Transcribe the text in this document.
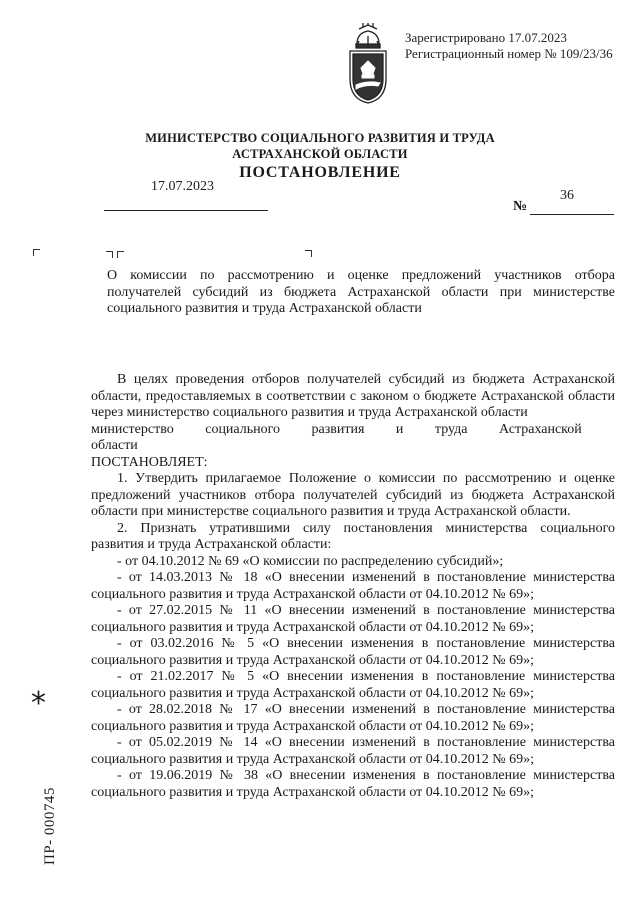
Зарегистрировано 17.07.2023
Регистрационный номер № 109/23/36
МИНИСТЕРСТВО СОЦИАЛЬНОГО РАЗВИТИЯ И ТРУДА
АСТРАХАНСКОЙ ОБЛАСТИ
ПОСТАНОВЛЕНИЕ
17.07.2023
36
№
О комиссии по рассмотрению и оценке предложений участников отбора получателей субсидий из бюджета Астраханской области при министерстве социального развития и труда Астраханской области

В целях проведения отборов получателей субсидий из бюджета Астраханской области, предоставляемых в соответствии с законом о бюджете Астраханской области через министерство социального развития и труда Астраханской области

министерство социального развития и труда Астраханской области

ПОСТАНОВЛЯЕТ:

1. Утвердить прилагаемое Положение о комиссии по рассмотрению и оценке предложений участников отбора получателей субсидий из бюджета Астраханской области при министерстве социального развития и труда Астраханской области.

2. Признать утратившими силу постановления министерства социального развития и труда Астраханской области:

- от 04.10.2012 № 69 «О комиссии по распределению субсидий»;

- от 14.03.2013 № 18 «О внесении изменений в постановление министерства социального развития и труда Астраханской области от 04.10.2012 № 69»;

- от 27.02.2015 № 11 «О внесении изменений в постановление министерства социального развития и труда Астраханской области от 04.10.2012 № 69»;

- от 03.02.2016 № 5 «О внесении изменения в постановление министерства социального развития и труда Астраханской области от 04.10.2012 № 69»;

- от 21.02.2017 № 5 «О внесении изменения в постановление министерства социального развития и труда Астраханской области от 04.10.2012 № 69»;

- от 28.02.2018 № 17 «О внесении изменений в постановление министерства социального развития и труда Астраханской области от 04.10.2012 № 69»;

- от 05.02.2019 № 14 «О внесении изменений в постановление министерства социального развития и труда Астраханской области от 04.10.2012 № 69»;

- от 19.06.2019 № 38 «О внесении изменения в постановление министерства социального развития и труда Астраханской области от 04.10.2012 № 69»;

*
ПР- 000745
